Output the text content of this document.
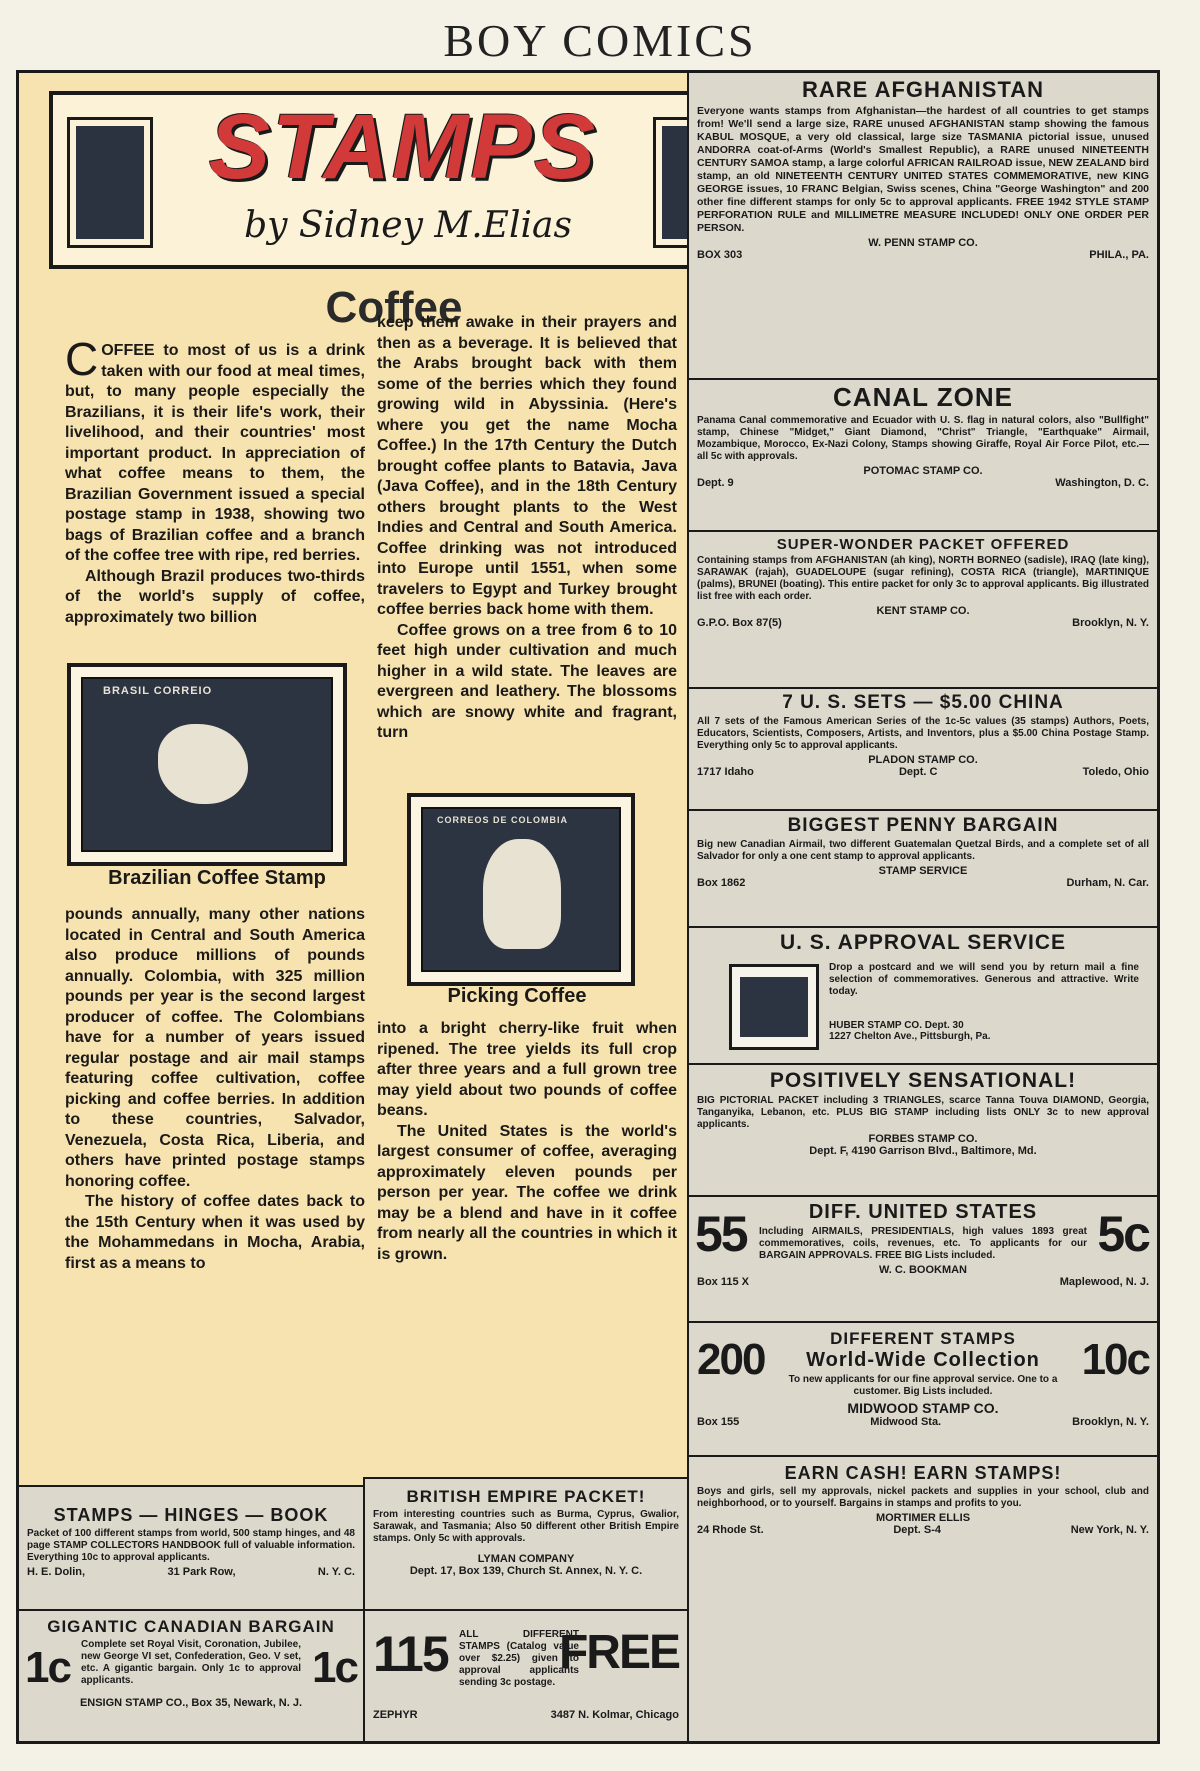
BOY COMICS
STAMPS
by Sidney M.Elias
Coffee

COFFEE to most of us is a drink taken with our food at meal times, but, to many people especially the Brazilians, it is their life's work, their livelihood, and their countries' most important product. In appreciation of what coffee means to them, the Brazilian Government issued a special postage stamp in 1938, showing two bags of Brazilian coffee and a branch of the coffee tree with ripe, red berries.

Although Brazil produces two-thirds of the world's supply of coffee, approximately two billion

BRASIL CORREIO
Brazilian Coffee Stamp

pounds annually, many other nations located in Central and South America also produce millions of pounds annually. Colombia, with 325 million pounds per year is the second largest producer of coffee. The Colombians have for a number of years issued regular postage and air mail stamps featuring coffee cultivation, coffee picking and coffee berries. In addition to these countries, Salvador, Venezuela, Costa Rica, Liberia, and others have printed postage stamps honoring coffee.

The history of coffee dates back to the 15th Century when it was used by the Mohammedans in Mocha, Arabia, first as a means to

keep them awake in their prayers and then as a beverage. It is believed that the Arabs brought back with them some of the berries which they found growing wild in Abyssinia. (Here's where you get the name Mocha Coffee.) In the 17th Century the Dutch brought coffee plants to Batavia, Java (Java Coffee), and in the 18th Century others brought plants to the West Indies and Central and South America. Coffee drinking was not introduced into Europe until 1551, when some travelers to Egypt and Turkey brought coffee berries back home with them.

Coffee grows on a tree from 6 to 10 feet high under cultivation and much higher in a wild state. The leaves are evergreen and leathery. The blossoms which are snowy white and fragrant, turn

CORREOS DE COLOMBIA
Picking Coffee

into a bright cherry-like fruit when ripened. The tree yields its full crop after three years and a full grown tree may yield about two pounds of coffee beans.

The United States is the world's largest consumer of coffee, averaging approximately eleven pounds per person per year. The coffee we drink may be a blend and have in it coffee from nearly all the countries in which it is grown.

RARE AFGHANISTAN
Everyone wants stamps from Afghanistan—the hardest of all countries to get stamps from! We'll send a large size, RARE unused AFGHANISTAN stamp showing the famous KABUL MOSQUE, a very old classical, large size TASMANIA pictorial issue, unused ANDORRA coat-of-Arms (World's Smallest Republic), a RARE unused NINETEENTH CENTURY SAMOA stamp, a large colorful AFRICAN RAILROAD issue, NEW ZEALAND bird stamp, an old NINETEENTH CENTURY UNITED STATES COMMEMORATIVE, new KING GEORGE issues, 10 FRANC Belgian, Swiss scenes, China "George Washington" and 200 other fine different stamps for only 5c to approval applicants. FREE 1942 STYLE STAMP PERFORATION RULE and MILLIMETRE MEASURE INCLUDED! ONLY ONE ORDER PER PERSON.
W. PENN STAMP CO.
BOX 303	PHILA., PA.
CANAL ZONE
Panama Canal commemorative and Ecuador with U. S. flag in natural colors, also "Bullfight" stamp, Chinese "Midget," Giant Diamond, "Christ" Triangle, "Earthquake" Airmail, Mozambique, Morocco, Ex-Nazi Colony, Stamps showing Giraffe, Royal Air Force Pilot, etc.— all 5c with approvals.
POTOMAC STAMP CO.
Dept. 9	Washington, D. C.
SUPER-WONDER PACKET OFFERED
Containing stamps from AFGHANISTAN (ah king), NORTH BORNEO (sadisle), IRAQ (late king), SARAWAK (rajah), GUADELOUPE (sugar refining), COSTA RICA (triangle), MARTINIQUE (palms), BRUNEI (boating). This entire packet for only 3c to approval applicants. Big illustrated list free with each order.
KENT STAMP CO.
G.P.O. Box 87(5)	Brooklyn, N. Y.
7 U. S. SETS — $5.00 CHINA
All 7 sets of the Famous American Series of the 1c-5c values (35 stamps) Authors, Poets, Educators, Scientists, Composers, Artists, and Inventors, plus a $5.00 China Postage Stamp. Everything only 5c to approval applicants.
PLADON STAMP CO.
1717 Idaho	Dept. C	Toledo, Ohio
BIGGEST PENNY BARGAIN
Big new Canadian Airmail, two different Guatemalan Quetzal Birds, and a complete set of all Salvador for only a one cent stamp to approval applicants.
STAMP SERVICE
Box 1862	Durham, N. Car.
U. S. APPROVAL SERVICE
Drop a postcard and we will send you by return mail a fine selection of commemoratives. Generous and attractive. Write today.
HUBER STAMP CO. Dept. 30
1227 Chelton Ave., Pittsburgh, Pa.
POSITIVELY SENSATIONAL!
BIG PICTORIAL PACKET including 3 TRIANGLES, scarce Tanna Touva DIAMOND, Georgia, Tanganyika, Lebanon, etc. PLUS BIG STAMP including lists ONLY 3c to new approval applicants.
FORBES STAMP CO.
Dept. F, 4190 Garrison Blvd., Baltimore, Md.
55	DIFF. UNITED STATES	5c
Including AIRMAILS, PRESIDENTIALS, high values 1893 great commemoratives, coils, revenues, etc. To applicants for our BARGAIN APPROVALS. FREE BIG Lists included.
W. C. BOOKMAN
Box 115 X	Maplewood, N. J.
200	DIFFERENT STAMPS
World-Wide Collection 10c
To new applicants for our fine approval service. One to a customer. Big Lists included.
MIDWOOD STAMP CO.
Box 155	Midwood Sta.	Brooklyn, N. Y.
EARN CASH! EARN STAMPS!
Boys and girls, sell my approvals, nickel packets and supplies in your school, club and neighborhood, or to yourself. Bargains in stamps and profits to you.
MORTIMER ELLIS
24 Rhode St.	Dept. S-4	New York, N. Y.
STAMPS — HINGES — BOOK
Packet of 100 different stamps from world, 500 stamp hinges, and 48 page STAMP COLLECTORS HANDBOOK full of valuable information. Everything 10c to approval applicants.
H. E. Dolin,	31 Park Row,	N. Y. C.
BRITISH EMPIRE PACKET!
From interesting countries such as Burma, Cyprus, Gwalior, Sarawak, and Tasmania; Also 50 different other British Empire stamps. Only 5c with approvals.
LYMAN COMPANY
Dept. 17, Box 139, Church St. Annex, N. Y. C.
GIGANTIC CANADIAN BARGAIN
1c	Complete set Royal Visit, Coronation, Jubilee, new George VI set, Confederation, Geo. V set, etc. A gigantic bargain. Only 1c to approval applicants.	1c
ENSIGN STAMP CO., Box 35, Newark, N. J.
115 ALL DIFFERENT STAMPS (Catalog value over $2.25) given to approval applicants sending 3c postage.
FREE
ZEPHYR	3487 N. Kolmar, Chicago
